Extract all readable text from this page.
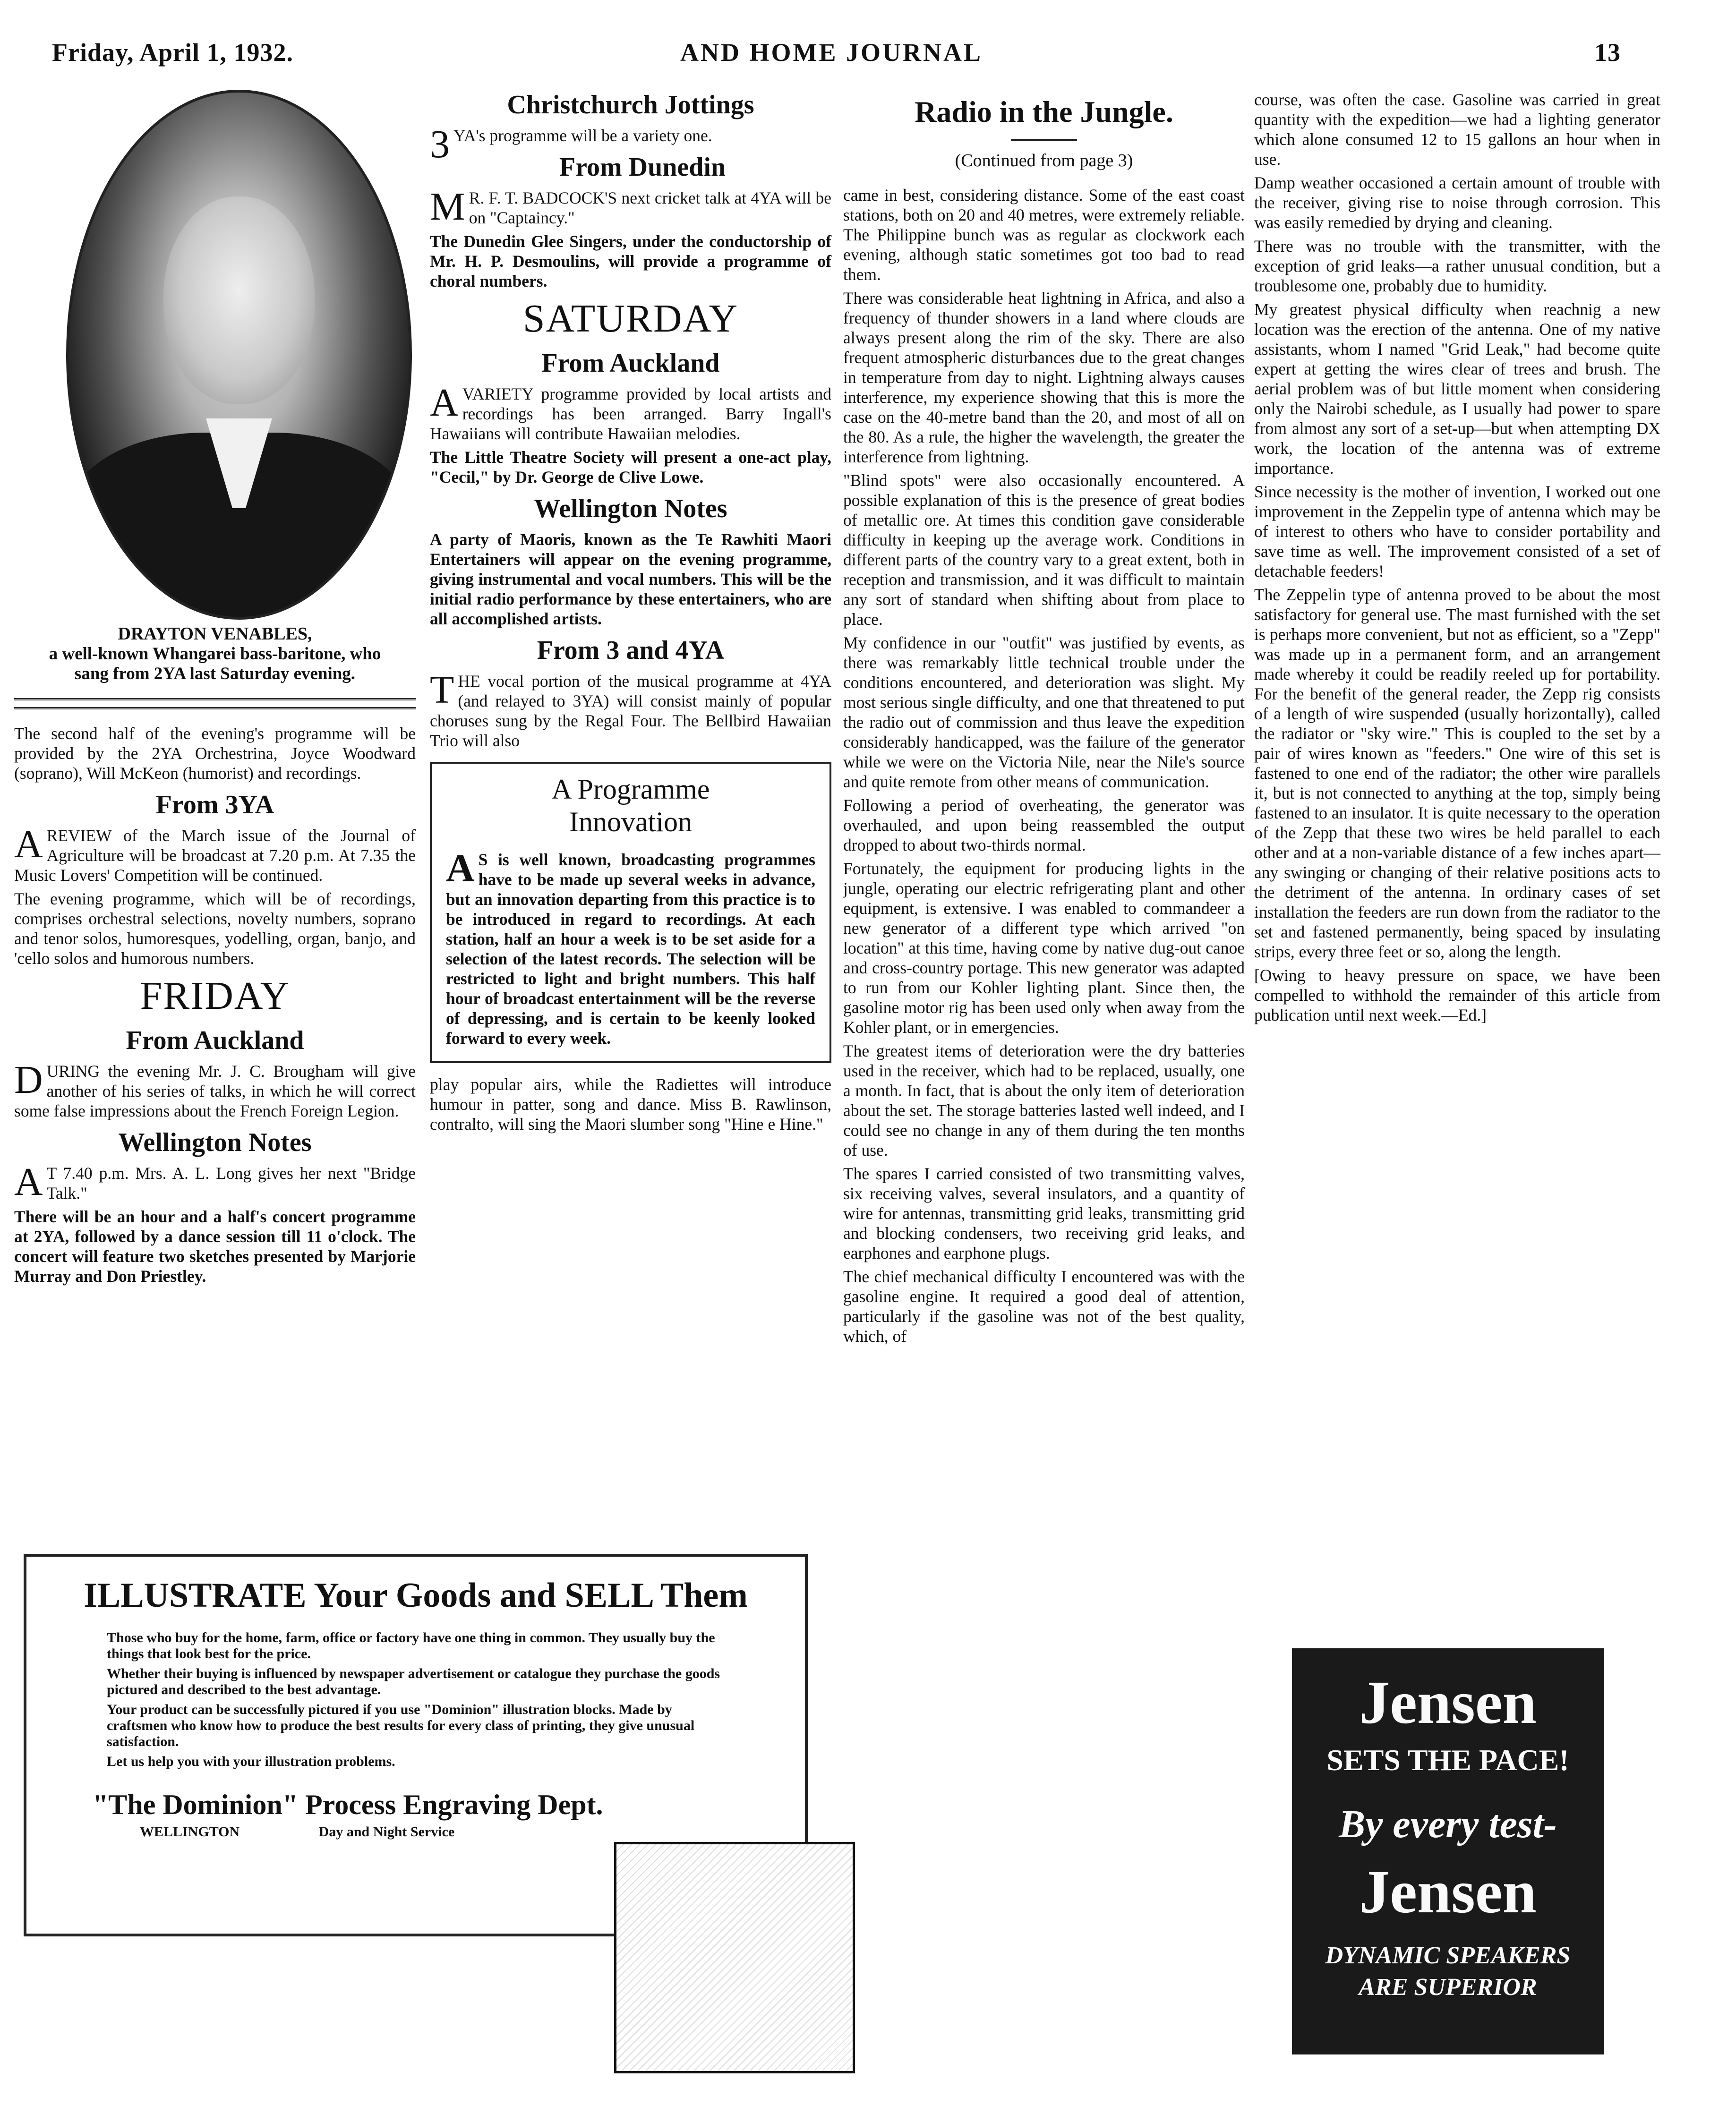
Friday, April 1, 1932.	AND HOME JOURNAL	13
DRAYTON VENABLES,
a well-known Whangarei bass-baritone, who sang from 2YA last Saturday evening.

The second half of the evening's programme will be provided by the 2YA Orchestrina, Joyce Woodward (soprano), Will McKeon (humorist) and recordings.

From 3YA

AREVIEW of the March issue of the Journal of Agriculture will be broadcast at 7.20 p.m. At 7.35 the Music Lovers' Competition will be continued.

The evening programme, which will be of recordings, comprises orchestral selections, novelty numbers, soprano and tenor solos, humoresques, yodelling, organ, banjo, and 'cello solos and humorous numbers.

FRIDAY
From Auckland

DURING the evening Mr. J. C. Brougham will give another of his series of talks, in which he will correct some false impressions about the French Foreign Legion.

Wellington Notes

AT 7.40 p.m. Mrs. A. L. Long gives her next "Bridge Talk."

There will be an hour and a half's concert programme at 2YA, followed by a dance session till 11 o'clock. The concert will feature two sketches presented by Marjorie Murray and Don Priestley.

Christchurch Jottings

3YA's programme will be a variety one.

From Dunedin

MR. F. T. BADCOCK'S next cricket talk at 4YA will be on "Captaincy."

The Dunedin Glee Singers, under the conductorship of Mr. H. P. Desmoulins, will provide a programme of choral numbers.

SATURDAY
From Auckland

AVARIETY programme provided by local artists and recordings has been arranged. Barry Ingall's Hawaiians will contribute Hawaiian melodies.

The Little Theatre Society will present a one-act play, "Cecil," by Dr. George de Clive Lowe.

Wellington Notes

A party of Maoris, known as the Te Rawhiti Maori Entertainers will appear on the evening programme, giving instrumental and vocal numbers. This will be the initial radio performance by these entertainers, who are all accomplished artists.

From 3 and 4YA

THE vocal portion of the musical programme at 4YA (and relayed to 3YA) will consist mainly of popular choruses sung by the Regal Four. The Bellbird Hawaiian Trio will also

A Programme
Innovation

AS is well known, broadcasting programmes have to be made up several weeks in advance, but an innovation departing from this practice is to be introduced in regard to recordings. At each station, half an hour a week is to be set aside for a selection of the latest records. The selection will be restricted to light and bright numbers. This half hour of broadcast entertainment will be the reverse of depressing, and is certain to be keenly looked forward to every week.

play popular airs, while the Radiettes will introduce humour in patter, song and dance. Miss B. Rawlinson, contralto, will sing the Maori slumber song "Hine e Hine."

Radio in the Jungle.
(Continued from page 3)

came in best, considering distance. Some of the east coast stations, both on 20 and 40 metres, were extremely reliable. The Philippine bunch was as regular as clockwork each evening, although static sometimes got too bad to read them.

There was considerable heat lightning in Africa, and also a frequency of thunder showers in a land where clouds are always present along the rim of the sky. There are also frequent atmospheric disturbances due to the great changes in temperature from day to night. Lightning always causes interference, my experience showing that this is more the case on the 40-metre band than the 20, and most of all on the 80. As a rule, the higher the wavelength, the greater the interference from lightning.

"Blind spots" were also occasionally encountered. A possible explanation of this is the presence of great bodies of metallic ore. At times this condition gave considerable difficulty in keeping up the average work. Conditions in different parts of the country vary to a great extent, both in reception and transmission, and it was difficult to maintain any sort of standard when shifting about from place to place.

My confidence in our "outfit" was justified by events, as there was remarkably little technical trouble under the conditions encountered, and deterioration was slight. My most serious single difficulty, and one that threatened to put the radio out of commission and thus leave the expedition considerably handicapped, was the failure of the generator while we were on the Victoria Nile, near the Nile's source and quite remote from other means of communication.

Following a period of overheating, the generator was overhauled, and upon being reassembled the output dropped to about two-thirds normal.

Fortunately, the equipment for producing lights in the jungle, operating our electric refrigerating plant and other equipment, is extensive. I was enabled to commandeer a new generator of a different type which arrived "on location" at this time, having come by native dug-out canoe and cross-country portage. This new generator was adapted to run from our Kohler lighting plant. Since then, the gasoline motor rig has been used only when away from the Kohler plant, or in emergencies.

The greatest items of deterioration were the dry batteries used in the receiver, which had to be replaced, usually, one a month. In fact, that is about the only item of deterioration about the set. The storage batteries lasted well indeed, and I could see no change in any of them during the ten months of use.

The spares I carried consisted of two transmitting valves, six receiving valves, several insulators, and a quantity of wire for antennas, transmitting grid leaks, transmitting grid and blocking condensers, two receiving grid leaks, and earphones and earphone plugs.

The chief mechanical difficulty I encountered was with the gasoline engine. It required a good deal of attention, particularly if the gasoline was not of the best quality, which, of

course, was often the case. Gasoline was carried in great quantity with the expedition—we had a lighting generator which alone consumed 12 to 15 gallons an hour when in use.

Damp weather occasioned a certain amount of trouble with the receiver, giving rise to noise through corrosion. This was easily remedied by drying and cleaning.

There was no trouble with the transmitter, with the exception of grid leaks—a rather unusual condition, but a troublesome one, probably due to humidity.

My greatest physical difficulty when reachnig a new location was the erection of the antenna. One of my native assistants, whom I named "Grid Leak," had become quite expert at getting the wires clear of trees and brush. The aerial problem was of but little moment when considering only the Nairobi schedule, as I usually had power to spare from almost any sort of a set-up—but when attempting DX work, the location of the antenna was of extreme importance.

Since necessity is the mother of invention, I worked out one improvement in the Zeppelin type of antenna which may be of interest to others who have to consider portability and save time as well. The improvement consisted of a set of detachable feeders!

The Zeppelin type of antenna proved to be about the most satisfactory for general use. The mast furnished with the set is perhaps more convenient, but not as efficient, so a "Zepp" was made up in a permanent form, and an arrangement made whereby it could be readily reeled up for portability. For the benefit of the general reader, the Zepp rig consists of a length of wire suspended (usually horizontally), called the radiator or "sky wire." This is coupled to the set by a pair of wires known as "feeders." One wire of this set is fastened to one end of the radiator; the other wire parallels it, but is not connected to anything at the top, simply being fastened to an insulator. It is quite necessary to the operation of the Zepp that these two wires be held parallel to each other and at a non-variable distance of a few inches apart—any swinging or changing of their relative positions acts to the detriment of the antenna. In ordinary cases of set installation the feeders are run down from the radiator to the set and fastened permanently, being spaced by insulating strips, every three feet or so, along the length.

[Owing to heavy pressure on space, we have been compelled to withhold the remainder of this article from publication until next week.—Ed.]

ILLUSTRATE Your Goods and SELL Them
Those who buy for the home, farm, office or factory have one thing in common. They usually buy the things that look best for the price.
Whether their buying is influenced by newspaper advertisement or catalogue they purchase the goods pictured and described to the best advantage.
Your product can be successfully pictured if you use "Dominion" illustration blocks. Made by craftsmen who know how to produce the best results for every class of printing, they give unusual satisfaction.
Let us help you with your illustration problems.
"The Dominion" Process Engraving Dept.
WELLINGTON	Day and Night Service
Jensen
SETS THE PACE!
By every test-
Jensen
DYNAMIC SPEAKERS
ARE SUPERIOR
